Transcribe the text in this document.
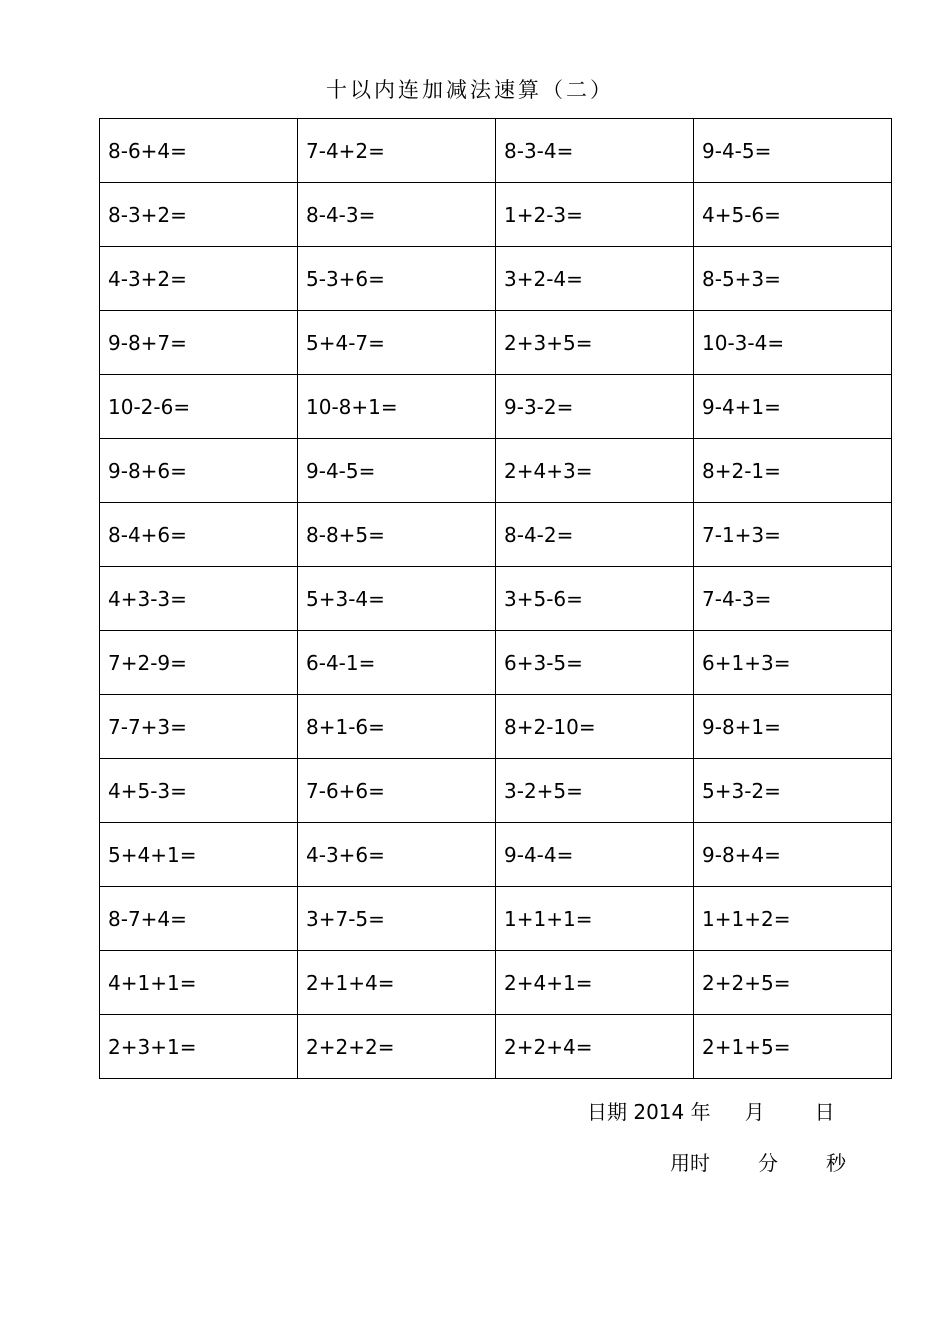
十以内连加减法速算（二）
8-6+4=	7-4+2=	8-3-4=	9-4-5=
8-3+2=	8-4-3=	1+2-3=	4+5-6=
4-3+2=	5-3+6=	3+2-4=	8-5+3=
9-8+7=	5+4-7=	2+3+5=	10-3-4=
10-2-6=	10-8+1=	9-3-2=	9-4+1=
9-8+6=	9-4-5=	2+4+3=	8+2-1=
8-4+6=	8-8+5=	8-4-2=	7-1+3=
4+3-3=	5+3-4=	3+5-6=	7-4-3=
7+2-9=	6-4-1=	6+3-5=	6+1+3=
7-7+3=	8+1-6=	8+2-10=	9-8+1=
4+5-3=	7-6+6=	3-2+5=	5+3-2=
5+4+1=	4-3+6=	9-4-4=	9-8+4=
8-7+4=	3+7-5=	1+1+1=	1+1+2=
4+1+1=	2+1+4=	2+4+1=	2+2+5=
2+3+1=	2+2+2=	2+2+4=	2+1+5=
日期 2014 年 月	日
用时 分 秒
